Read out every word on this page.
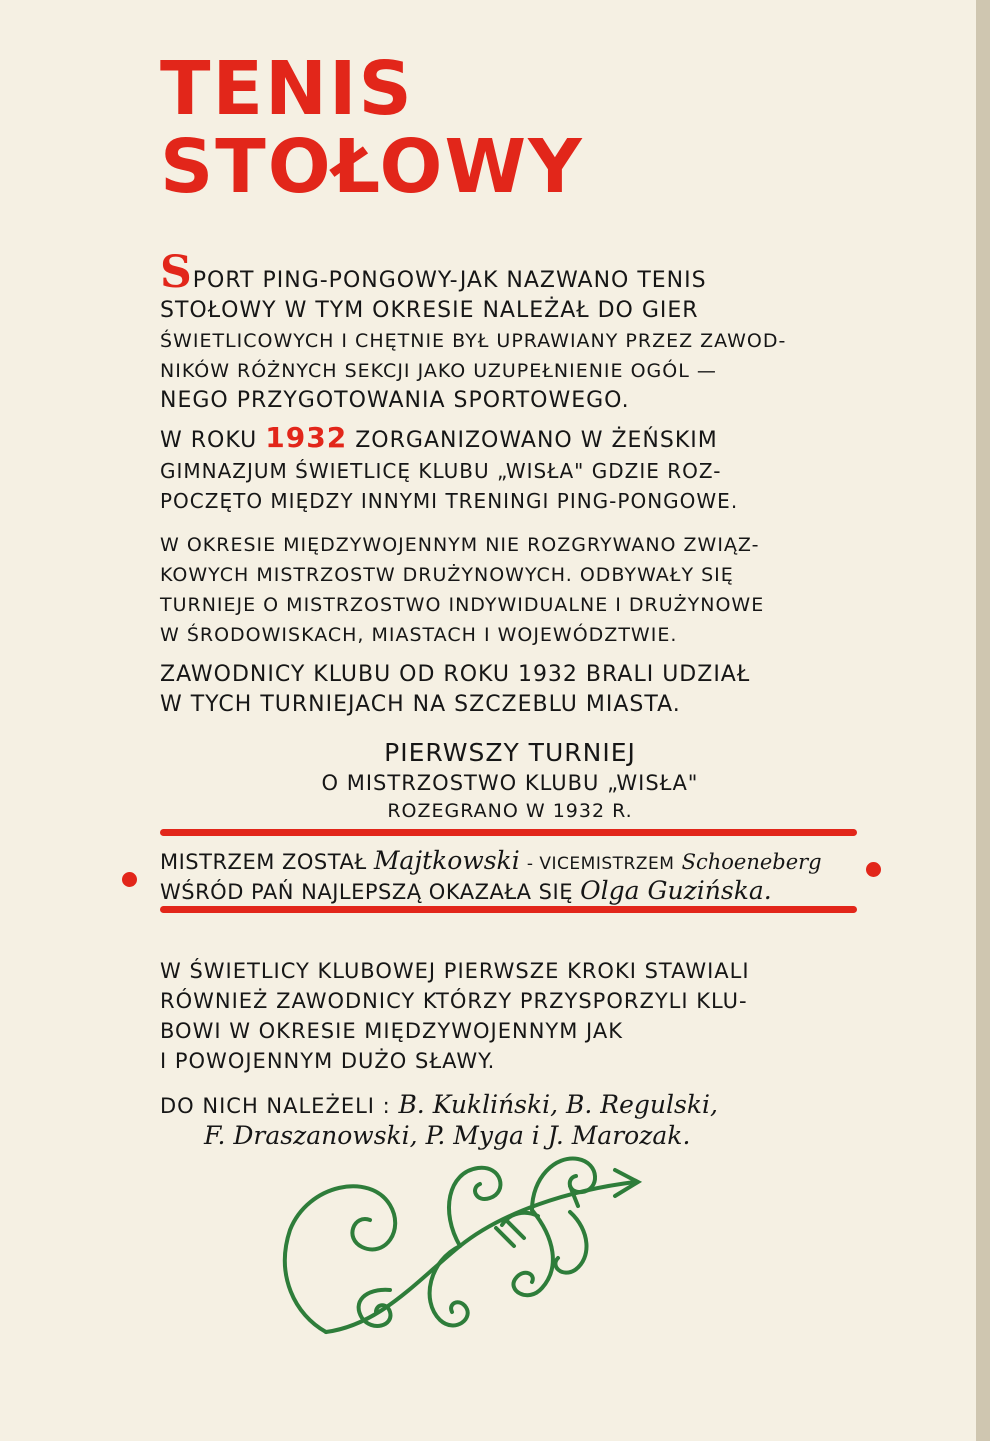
TENIS
STOŁOWY
SPORT PING-PONGOWY-JAK NAZWANO TENIS
STOŁOWY W TYM OKRESIE NALEŻAŁ DO GIER
ŚWIETLICOWYCH I CHĘTNIE BYŁ UPRAWIANY PRZEZ ZAWOD-
NIKÓW RÓŻNYCH SEKCJI JAKO UZUPEŁNIENIE OGÓL —
NEGO PRZYGOTOWANIA SPORTOWEGO.
W ROKU 1932 ZORGANIZOWANO W ŻEŃSKIM
GIMNAZJUM ŚWIETLICĘ KLUBU „WISŁA" GDZIE ROZ-
POCZĘTO MIĘDZY INNYMI TRENINGI PING-PONGOWE.
W OKRESIE MIĘDZYWOJENNYM NIE ROZGRYWANO ZWIĄZ-
KOWYCH MISTRZOSTW DRUŻYNOWYCH. ODBYWAŁY SIĘ
TURNIEJE O MISTRZOSTWO INDYWIDUALNE I DRUŻYNOWE
W ŚRODOWISKACH, MIASTACH I WOJEWÓDZTWIE.
ZAWODNICY KLUBU OD ROKU 1932 BRALI UDZIAŁ
W TYCH TURNIEJACH NA SZCZEBLU MIASTA.
PIERWSZY TURNIEJ
O MISTRZOSTWO KLUBU „WISŁA"
ROZEGRANO W 1932 R.
MISTRZEM ZOSTAŁ Majtkowski - VICEMISTRZEM Schoeneberg
WŚRÓD PAŃ NAJLEPSZĄ OKAZAŁA SIĘ Olga Guzińska.
W ŚWIETLICY KLUBOWEJ PIERWSZE KROKI STAWIALI
RÓWNIEŻ ZAWODNICY KTÓRZY PRZYSPORZYLI KLU-
BOWI W OKRESIE MIĘDZYWOJENNYM JAK
I POWOJENNYM DUŻO SŁAWY.
DO NICH NALEŻELI : B. Kukliński, B. Regulski,
F. Draszanowski, P. Myga i J. Marozak.
